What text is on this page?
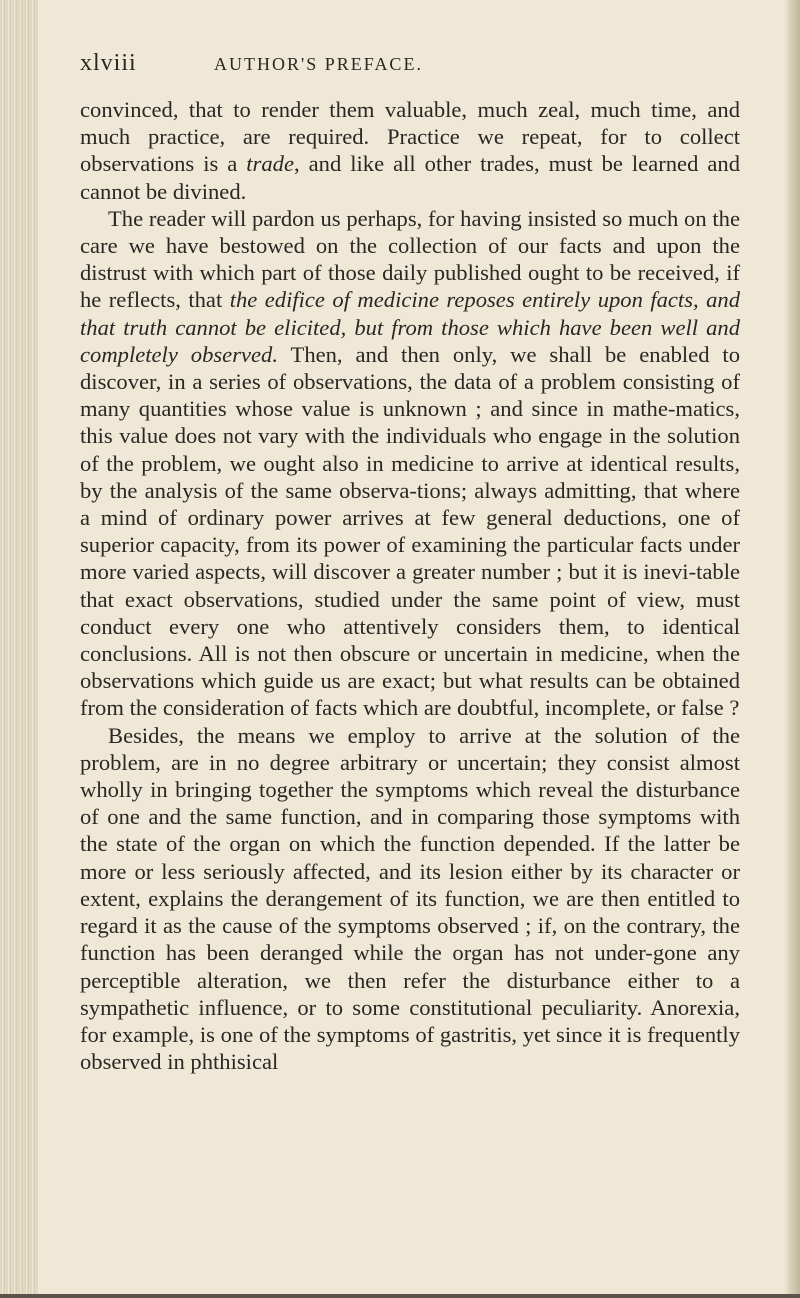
xlviii	AUTHOR'S PREFACE.

convinced, that to render them valuable, much zeal, much time, and much practice, are required. Practice we repeat, for to collect observations is a trade, and like all other trades, must be learned and cannot be divined.

The reader will pardon us perhaps, for having insisted so much on the care we have bestowed on the collection of our facts and upon the distrust with which part of those daily published ought to be received, if he reflects, that the edifice of medicine reposes entirely upon facts, and that truth cannot be elicited, but from those which have been well and completely observed. Then, and then only, we shall be enabled to discover, in a series of observations, the data of a problem consisting of many quantities whose value is unknown ; and since in mathe-matics, this value does not vary with the individuals who engage in the solution of the problem, we ought also in medicine to arrive at identical results, by the analysis of the same observa-tions; always admitting, that where a mind of ordinary power arrives at few general deductions, one of superior capacity, from its power of examining the particular facts under more varied aspects, will discover a greater number ; but it is inevi-table that exact observations, studied under the same point of view, must conduct every one who attentively considers them, to identical conclusions. All is not then obscure or uncertain in medicine, when the observations which guide us are exact; but what results can be obtained from the consideration of facts which are doubtful, incomplete, or false ?

Besides, the means we employ to arrive at the solution of the problem, are in no degree arbitrary or uncertain; they consist almost wholly in bringing together the symptoms which reveal the disturbance of one and the same function, and in comparing those symptoms with the state of the organ on which the function depended. If the latter be more or less seriously affected, and its lesion either by its character or extent, explains the derangement of its function, we are then entitled to regard it as the cause of the symptoms observed ; if, on the contrary, the function has been deranged while the organ has not under-gone any perceptible alteration, we then refer the disturbance either to a sympathetic influence, or to some constitutional peculiarity. Anorexia, for example, is one of the symptoms of gastritis, yet since it is frequently observed in phthisical
